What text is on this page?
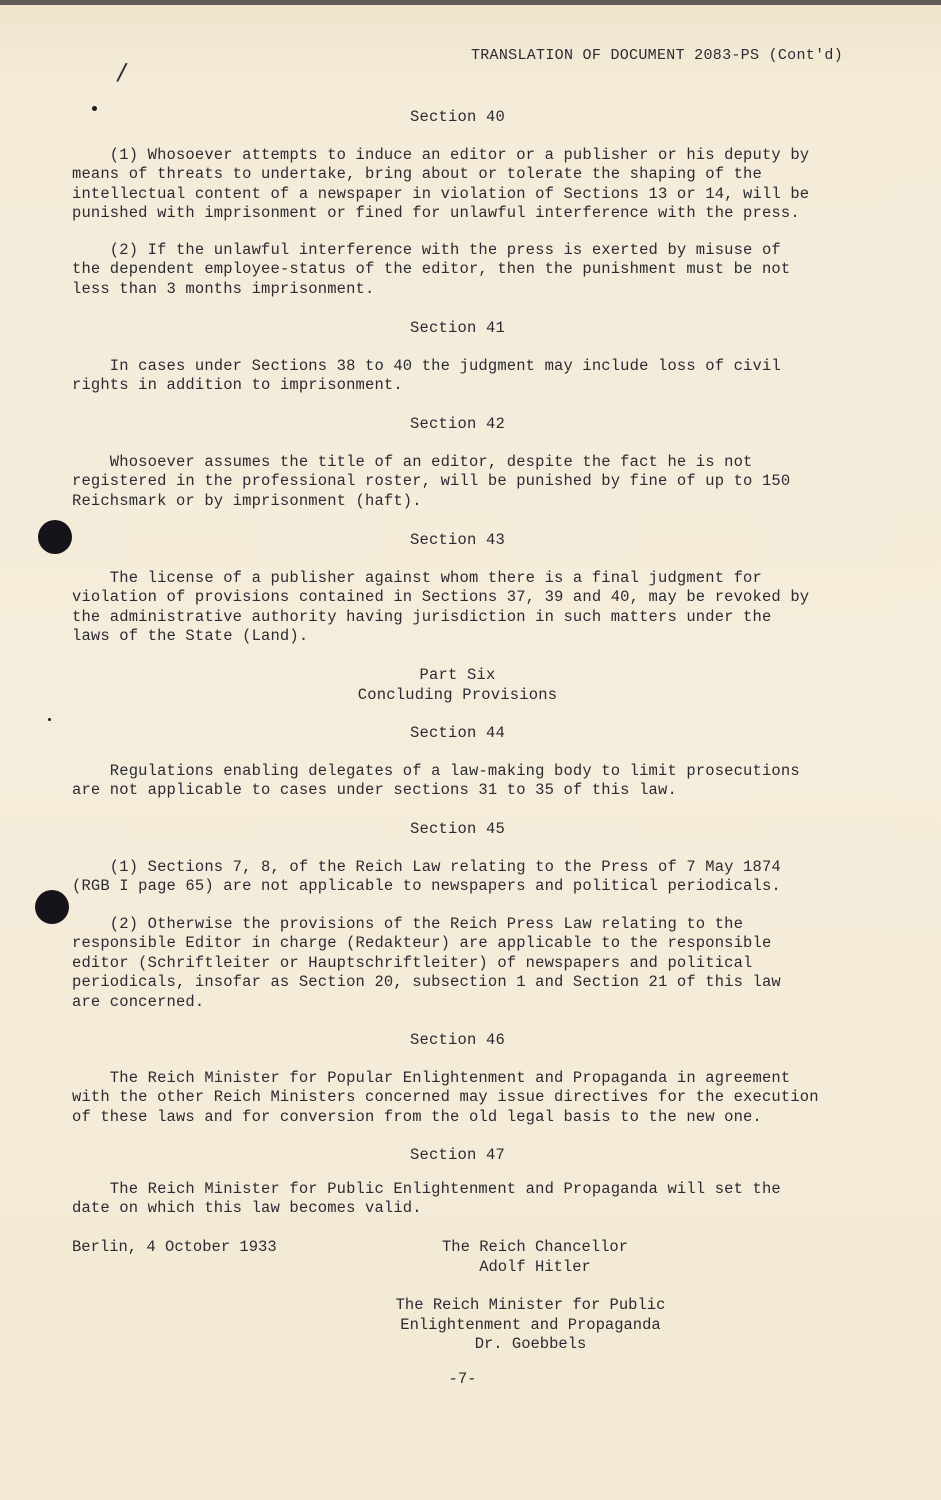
TRANSLATION OF DOCUMENT 2083-PS (Cont'd)
/
Section 40
(1) Whosoever attempts to induce an editor or a publisher or his deputy by
means of threats to undertake, bring about or tolerate the shaping of the
intellectual content of a newspaper in violation of Sections 13 or 14, will be
punished with imprisonment or fined for unlawful interference with the press.
(2) If the unlawful interference with the press is exerted by misuse of
the dependent employee-status of the editor, then the punishment must be not
less than 3 months imprisonment.
Section 41
In cases under Sections 38 to 40 the judgment may include loss of civil
rights in addition to imprisonment.
Section 42
Whosoever assumes the title of an editor, despite the fact he is not
registered in the professional roster, will be punished by fine of up to 150
Reichsmark or by imprisonment (haft).
Section 43
The license of a publisher against whom there is a final judgment for
violation of provisions contained in Sections 37, 39 and 40, may be revoked by
the administrative authority having jurisdiction in such matters under the
laws of the State (Land).
Part Six
Concluding Provisions
Section 44
Regulations enabling delegates of a law-making body to limit prosecutions
are not applicable to cases under sections 31 to 35 of this law.
Section 45
(1) Sections 7, 8, of the Reich Law relating to the Press of 7 May 1874
(RGB I page 65) are not applicable to newspapers and political periodicals.
(2) Otherwise the provisions of the Reich Press Law relating to the
responsible Editor in charge (Redakteur) are applicable to the responsible
editor (Schriftleiter or Hauptschriftleiter) of newspapers and political
periodicals, insofar as Section 20, subsection 1 and Section 21 of this law
are concerned.
Section 46
The Reich Minister for Popular Enlightenment and Propaganda in agreement
with the other Reich Ministers concerned may issue directives for the execution
of these laws and for conversion from the old legal basis to the new one.
Section 47
The Reich Minister for Public Enlightenment and Propaganda will set the
date on which this law becomes valid.
Berlin, 4 October 1933	The Reich Chancellor
Adolf Hitler
The Reich Minister for Public
Enlightenment and Propaganda
Dr. Goebbels
-7-
